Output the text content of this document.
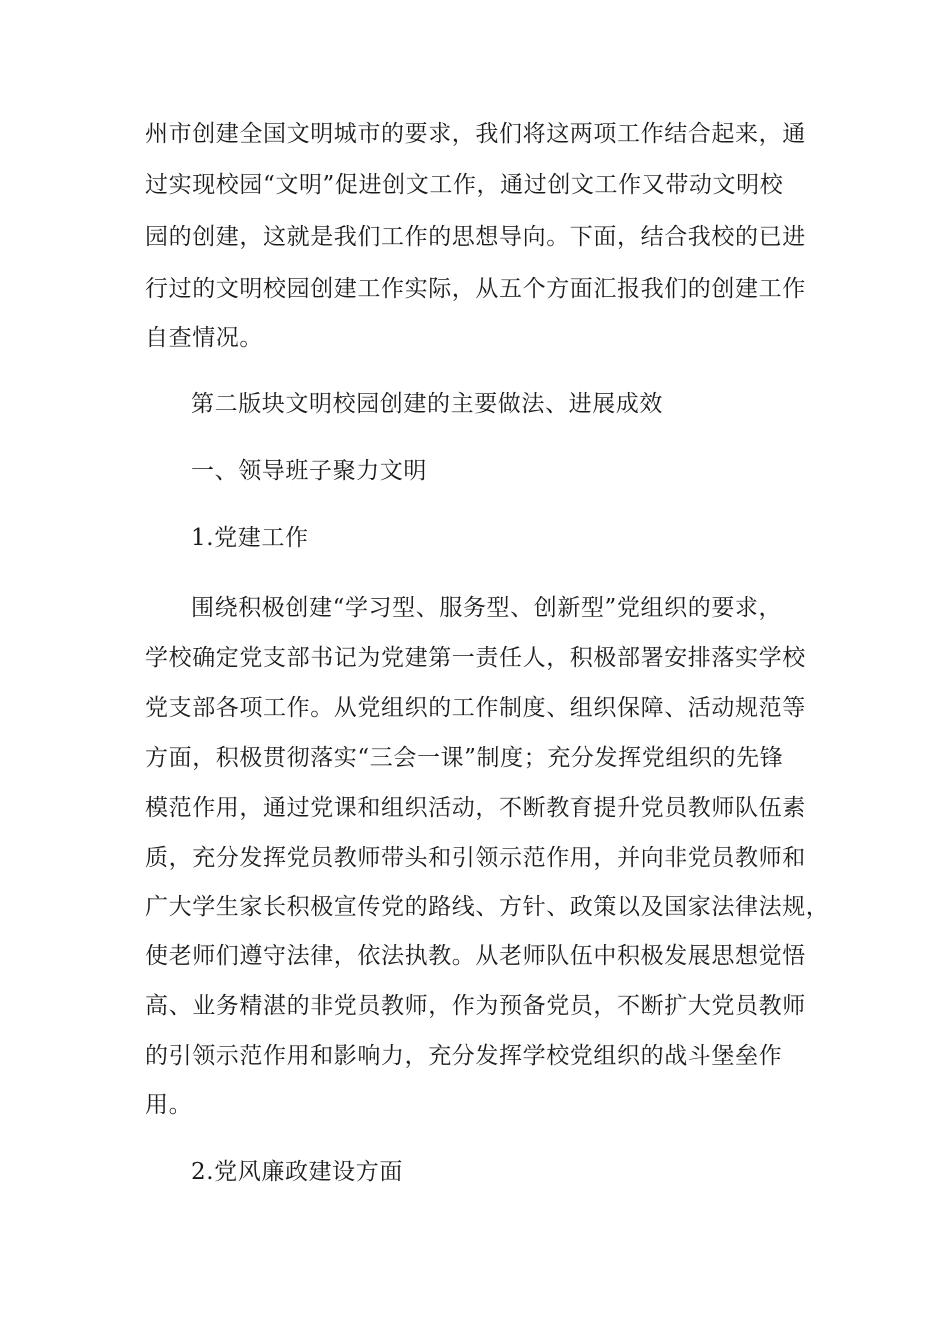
州市创建全国文明城市的要求，我们将这两项工作结合起来，通
过实现校园“文明”促进创文工作，通过创文工作又带动文明校
园的创建，这就是我们工作的思想导向。下面，结合我校的已进
行过的文明校园创建工作实际，从五个方面汇报我们的创建工作
自查情况。
第二版块文明校园创建的主要做法、进展成效
一、领导班子聚力文明
1.党建工作
围绕积极创建“学习型、服务型、创新型”党组织的要求，
学校确定党支部书记为党建第一责任人，积极部署安排落实学校
党支部各项工作。从党组织的工作制度、组织保障、活动规范等
方面，积极贯彻落实“三会一课”制度；充分发挥党组织的先锋
模范作用，通过党课和组织活动，不断教育提升党员教师队伍素
质，充分发挥党员教师带头和引领示范作用，并向非党员教师和
广大学生家长积极宣传党的路线、方针、政策以及国家法律法规，
使老师们遵守法律，依法执教。从老师队伍中积极发展思想觉悟
高、业务精湛的非党员教师，作为预备党员，不断扩大党员教师
的引领示范作用和影响力，充分发挥学校党组织的战斗堡垒作
用。
2.党风廉政建设方面
